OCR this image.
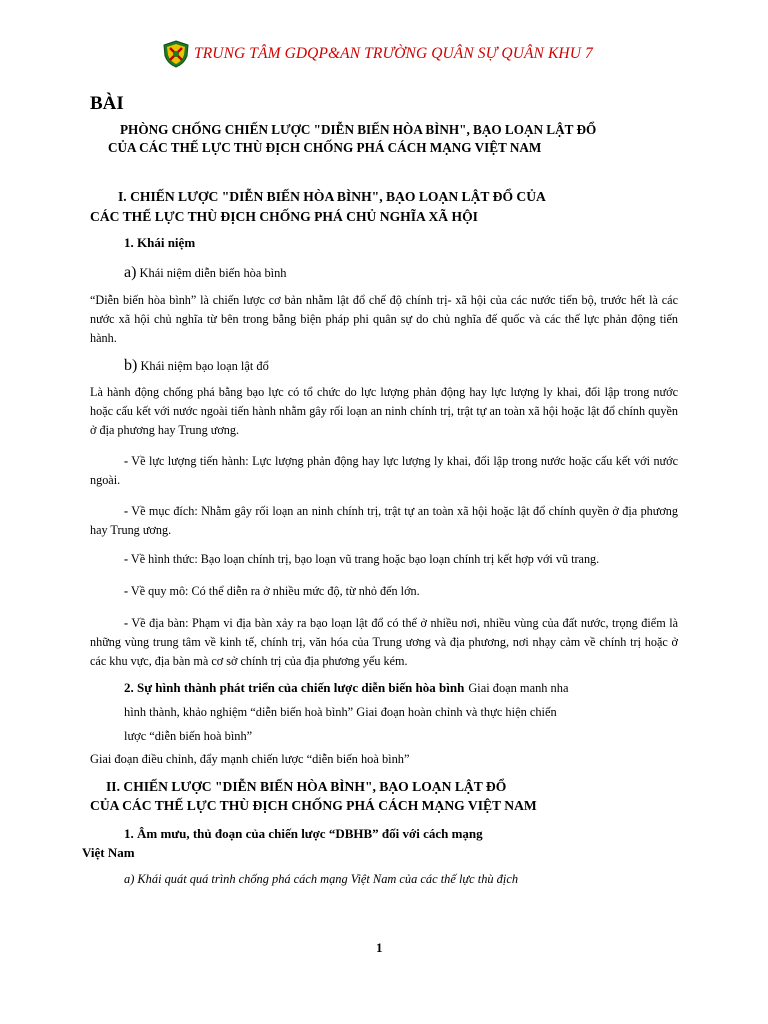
TRUNG TÂM GDQP&AN TRƯỜNG QUÂN SỰ QUÂN KHU 7
BÀI
PHÒNG CHỐNG CHIẾN LƯỢC "DIỄN BIẾN HÒA BÌNH", BẠO LOẠN LẬT ĐỔ
CỦA CÁC THẾ LỰC THÙ ĐỊCH CHỐNG PHÁ CÁCH MẠNG VIỆT NAM
I. CHIẾN LƯỢC "DIỄN BIẾN HÒA BÌNH", BẠO LOẠN LẬT ĐỔ CỦA
CÁC THẾ LỰC THÙ ĐỊCH CHỐNG PHÁ CHỦ NGHĨA XÃ HỘI
1. Khái niệm
a) Khái niệm diễn biến hòa bình
“Diễn biến hòa bình” là chiến lược cơ bản nhằm lật đổ chế độ chính trị- xã hội của các nước tiến bộ, trước hết là các nước xã hội chủ nghĩa từ bên trong bằng biện pháp phi quân sự do chủ nghĩa đế quốc và các thế lực phản động tiến hành.
b) Khái niệm bạo loạn lật đổ
Là hành động chống phá bằng bạo lực có tổ chức do lực lượng phản động hay lực lượng ly khai, đối lập trong nước hoặc cấu kết với nước ngoài tiến hành nhằm gây rối loạn an ninh chính trị, trật tự an toàn xã hội hoặc lật đổ chính quyền ở địa phương hay Trung ương.
- Về lực lượng tiến hành: Lực lượng phản động hay lực lượng ly khai, đối lập trong nước hoặc cấu kết với nước ngoài.
- Về mục đích: Nhằm gây rối loạn an ninh chính trị, trật tự an toàn xã hội hoặc lật đổ chính quyền ở địa phương hay Trung ương.
- Về hình thức: Bạo loạn chính trị, bạo loạn vũ trang hoặc bạo loạn chính trị kết hợp với vũ trang.
- Về quy mô: Có thể diễn ra ở nhiều mức độ, từ nhỏ đến lớn.
- Về địa bàn: Phạm vi địa bàn xảy ra bạo loạn lật đổ có thể ở nhiều nơi, nhiều vùng của đất nước, trọng điểm là những vùng trung tâm về kinh tế, chính trị, văn hóa của Trung ương và địa phương, nơi nhạy cảm về chính trị hoặc ở các khu vực, địa bàn mà cơ sở chính trị của địa phương yếu kém.
2. Sự hình thành phát triển của chiến lược diễn biến hòa bình Giai đoạn manh nha
hình thành, khảo nghiệm “diễn biến hoà bình” Giai đoạn hoàn chỉnh và thực hiện chiến
lược “diễn biến hoà bình”
Giai đoạn điều chỉnh, đẩy mạnh chiến lược “diễn biến hoà bình”
II. CHIẾN LƯỢC "DIỄN BIẾN HÒA BÌNH", BẠO LOẠN LẬT ĐỔ
CỦA CÁC THẾ LỰC THÙ ĐỊCH CHỐNG PHÁ CÁCH MẠNG VIỆT NAM
1. Âm mưu, thủ đoạn của chiến lược “DBHB” đối với cách mạng
Việt Nam
a) Khái quát quá trình chống phá cách mạng Việt Nam của các thế lực thù địch
1
